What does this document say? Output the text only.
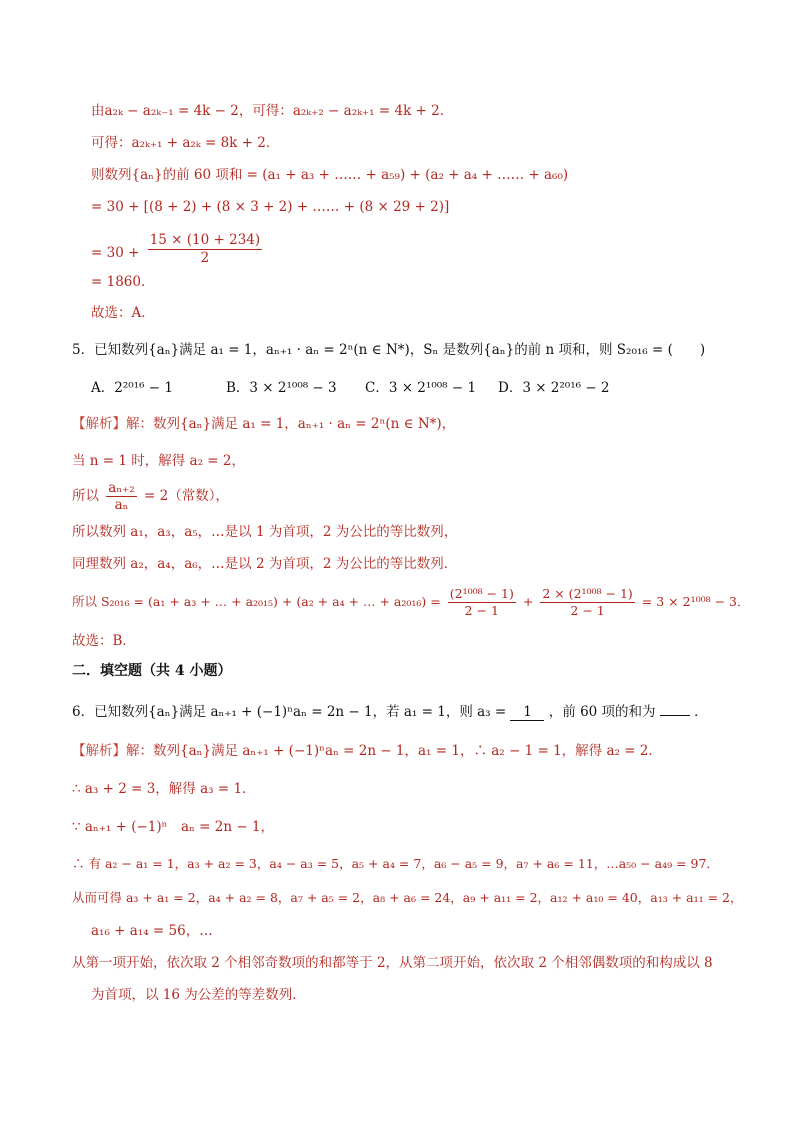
由a₂ₖ − a₂ₖ₋₁ = 4k − 2，可得：a₂ₖ₊₂ − a₂ₖ₊₁ = 4k + 2．
可得：a₂ₖ₊₁ + a₂ₖ = 8k + 2．
则数列{aₙ}的前 60 项和 = (a₁ + a₃ + …… + a₅₉) + (a₂ + a₄ + …… + a₆₀)
= 30 + [(8 + 2) + (8 × 3 + 2) + …… + (8 × 29 + 2)]
= $30 + \frac{15 \times (10 + 234)}{2}$
= 1860．
故选：A．
5．已知数列{aₙ}满足 a₁ = 1，aₙ₊₁ · aₙ = 2ⁿ(n ∈ N*)，Sₙ 是数列{aₙ}的前 n 项和，则 S₂₀₁₆ = (　　)
A．2²⁰¹⁶ − 1	B．3 × 2¹⁰⁰⁸ − 3 C．3 × 2¹⁰⁰⁸ − 1 D．3 × 2²⁰¹⁶ − 2
【解析】解：数列{aₙ}满足 a₁ = 1，aₙ₊₁ · aₙ = 2ⁿ(n ∈ N*)，
当 n = 1 时，解得 a₂ = 2，
所以 $\frac{\text{aₙ₊₂}}{\text{aₙ}} = 2$（常数），
所以数列 a₁，a₃，a₅，…是以 1 为首项，2 为公比的等比数列，
同理数列 a₂，a₄，a₆，…是以 2 为首项，2 为公比的等比数列．
所以 S₂₀₁₆ = (a₁ + a₃ + … + a₂₀₁₅) + (a₂ + a₄ + … + $a_{2016}) = \frac{\text{(2¹⁰⁰⁸ − 1)}}{2 - 1} + \frac{\text{2 × (2¹⁰⁰⁸ − 1)}}{2 - 1} = 3 \times 2^{1008} - 3$．
故选：B．
二．填空题（共 4 小题）
6．已知数列{aₙ}满足 aₙ₊₁ + (−1)ⁿaₙ = 2n − 1，若 a₁ = 1，则 a₃ = 1 ，前 60 项的和为	．
【解析】解：数列{aₙ}满足 aₙ₊₁ + (−1)ⁿaₙ = 2n − 1，a₁ = 1，∴ a₂ − 1 = 1，解得 a₂ = 2．
∴ a₃ + 2 = 3，解得 a₃ = 1．
∵ aₙ₊₁ + (−1)ⁿ　aₙ = 2n − 1，
∴ 有 a₂ − a₁ = 1，a₃ + a₂ = 3，a₄ − a₃ = 5，a₅ + a₄ = 7，a₆ − a₅ = 9，a₇ + a₆ = 11，…a₅₀ − a₄₉ = 97．
从而可得 a₃ + a₁ = 2，a₄ + a₂ = 8，a₇ + a₅ = 2，a₈ + a₆ = 24，a₉ + a₁₁ = 2，a₁₂ + a₁₀ = 40，a₁₃ + a₁₁ = 2，
a₁₆ + a₁₄ = 56，…
从第一项开始，依次取 2 个相邻奇数项的和都等于 2，从第二项开始，依次取 2 个相邻偶数项的和构成以 8
为首项，以 16 为公差的等差数列．
